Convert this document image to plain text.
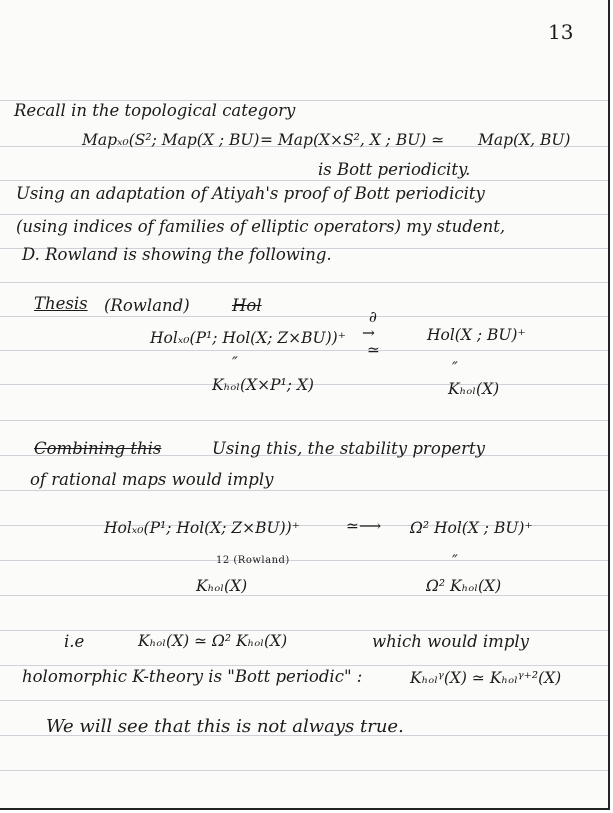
13
Recall in the topological category
Mapₓ₀(S²; Map(X ; BU) = Map(X×S², X ; BU) ≃ Map(X, BU)
is Bott periodicity.
Using an adaptation of Atiyah's proof of Bott periodicity
(using indices of families of elliptic operators) my student,
D. Rowland is showing the following.
Thesis (Rowland)	Hol
Holₓ₀(P¹; Hol(X; Z×BU))⁺
∂
→
≃
Hol(X ; BU)⁺
″	″
Kₕₒₗ(X×P¹; X)	Kₕₒₗ(X)
Combining this	Using this, the stability property
of rational maps would imply
Holₓ₀(P¹; Hol(X; Z×BU))⁺	≃⟶ Ω² Hol(X ; BU)⁺
12 (Rowland)	″
Kₕₒₗ(X)	Ω² Kₕₒₗ(X)
i.e	Kₕₒₗ(X) ≃ Ω² Kₕₒₗ(X)	which would imply
holomorphic K-theory is "Bott periodic" :	Kₕₒₗᵞ(X) ≃ Kₕₒₗᵞ⁺²(X)
We will see that this is not always true.
